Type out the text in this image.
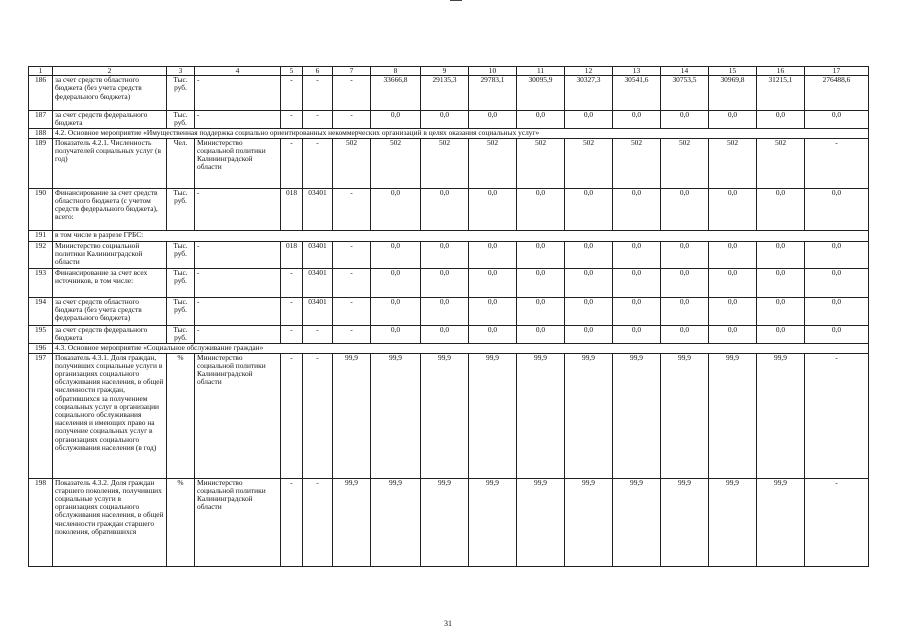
1	2	3	4	5	6	7	8	9	10	11	12	13	14	15	16	17
186	за счет средств областного бюджета (без учета средств федерального бюджета)	Тыс. руб.	-	-	-	-	33666,8	29135,3	29783,1	30095,9	30327,3	30541,6	30753,5	30969,8	31215,1	276488,6
187	за счет средств федерального бюджета	Тыс. руб.	-	-	-	-	0,0	0,0	0,0	0,0	0,0	0,0	0,0	0,0	0,0	0,0
188	4.2. Основное мероприятие «Имущественная поддержка социально ориентированных некоммерческих организаций в целях оказания социальных услуг»															
189	Показатель 4.2.1. Численность получателей социальных услуг (в год)	Чел.	Министерство социальной политики Калининградской области	-	-	502	502	502	502	502	502	502	502	502	502	-
190	Финансирование за счет средств областного бюджета (с учетом средств федерального бюджета), всего:	Тыс. руб.	-	018	03401	-	0,0	0,0	0,0	0,0	0,0	0,0	0,0	0,0	0,0	0,0
191	в том числе в разрезе ГРБС:															
192	Министерство социальной политики Калининградской области	Тыс. руб.	-	018	03401	-	0,0	0,0	0,0	0,0	0,0	0,0	0,0	0,0	0,0	0,0
193	Финансирование за счет всех источников, в том числе:	Тыс. руб.	-	-	03401	-	0,0	0,0	0,0	0,0	0,0	0,0	0,0	0,0	0,0	0,0
194	за счет средств областного бюджета (без учета средств федерального бюджета)	Тыс. руб.	-	-	03401	-	0,0	0,0	0,0	0,0	0,0	0,0	0,0	0,0	0,0	0,0
195	за счет средств федерального бюджета	Тыс. руб.	-	-	-	-	0,0	0,0	0,0	0,0	0,0	0,0	0,0	0,0	0,0	0,0
196	4.3. Основное мероприятие «Социальное обслуживание граждан»															
197	Показатель 4.3.1. Доля граждан, получивших социальные услуги в организациях социального обслуживания населения, в общей численности граждан, обратившихся за получением социальных услуг в организации социального обслуживания населения и имеющих право на получение социальных услуг в организациях социального обслуживания населения (в год)	%	Министерство социальной политики Калининградской области	-	-	99,9	99,9	99,9	99,9	99,9	99,9	99,9	99,9	99,9	99,9	-
198	Показатель 4.3.2. Доля граждан старшего поколения, получивших социальные услуги в организациях социального обслуживания населения, в общей численности граждан старшего поколения, обратившихся	%	Министерство социальной политики Калининградской области	-	-	99,9	99,9	99,9	99,9	99,9	99,9	99,9	99,9	99,9	99,9	-
31
